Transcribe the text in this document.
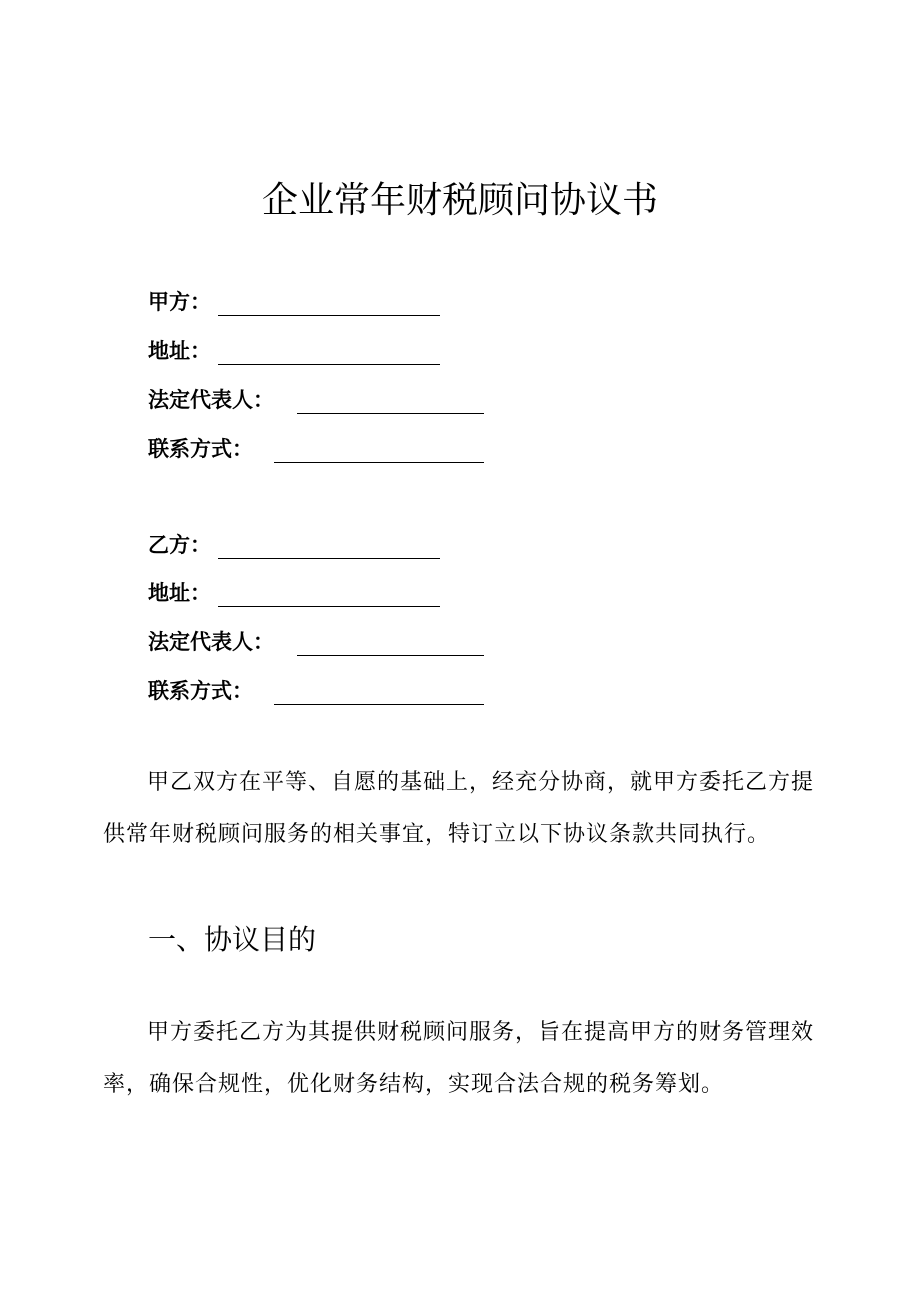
企业常年财税顾问协议书
甲方：
地址：
法定代表人：
联系方式：
乙方：
地址：
法定代表人：
联系方式：
甲乙双方在平等、自愿的基础上，经充分协商，就甲方委托乙方提供常年财税顾问服务的相关事宜，特订立以下协议条款共同执行。
一、协议目的
甲方委托乙方为其提供财税顾问服务，旨在提高甲方的财务管理效率，确保合规性，优化财务结构，实现合法合规的税务筹划。
